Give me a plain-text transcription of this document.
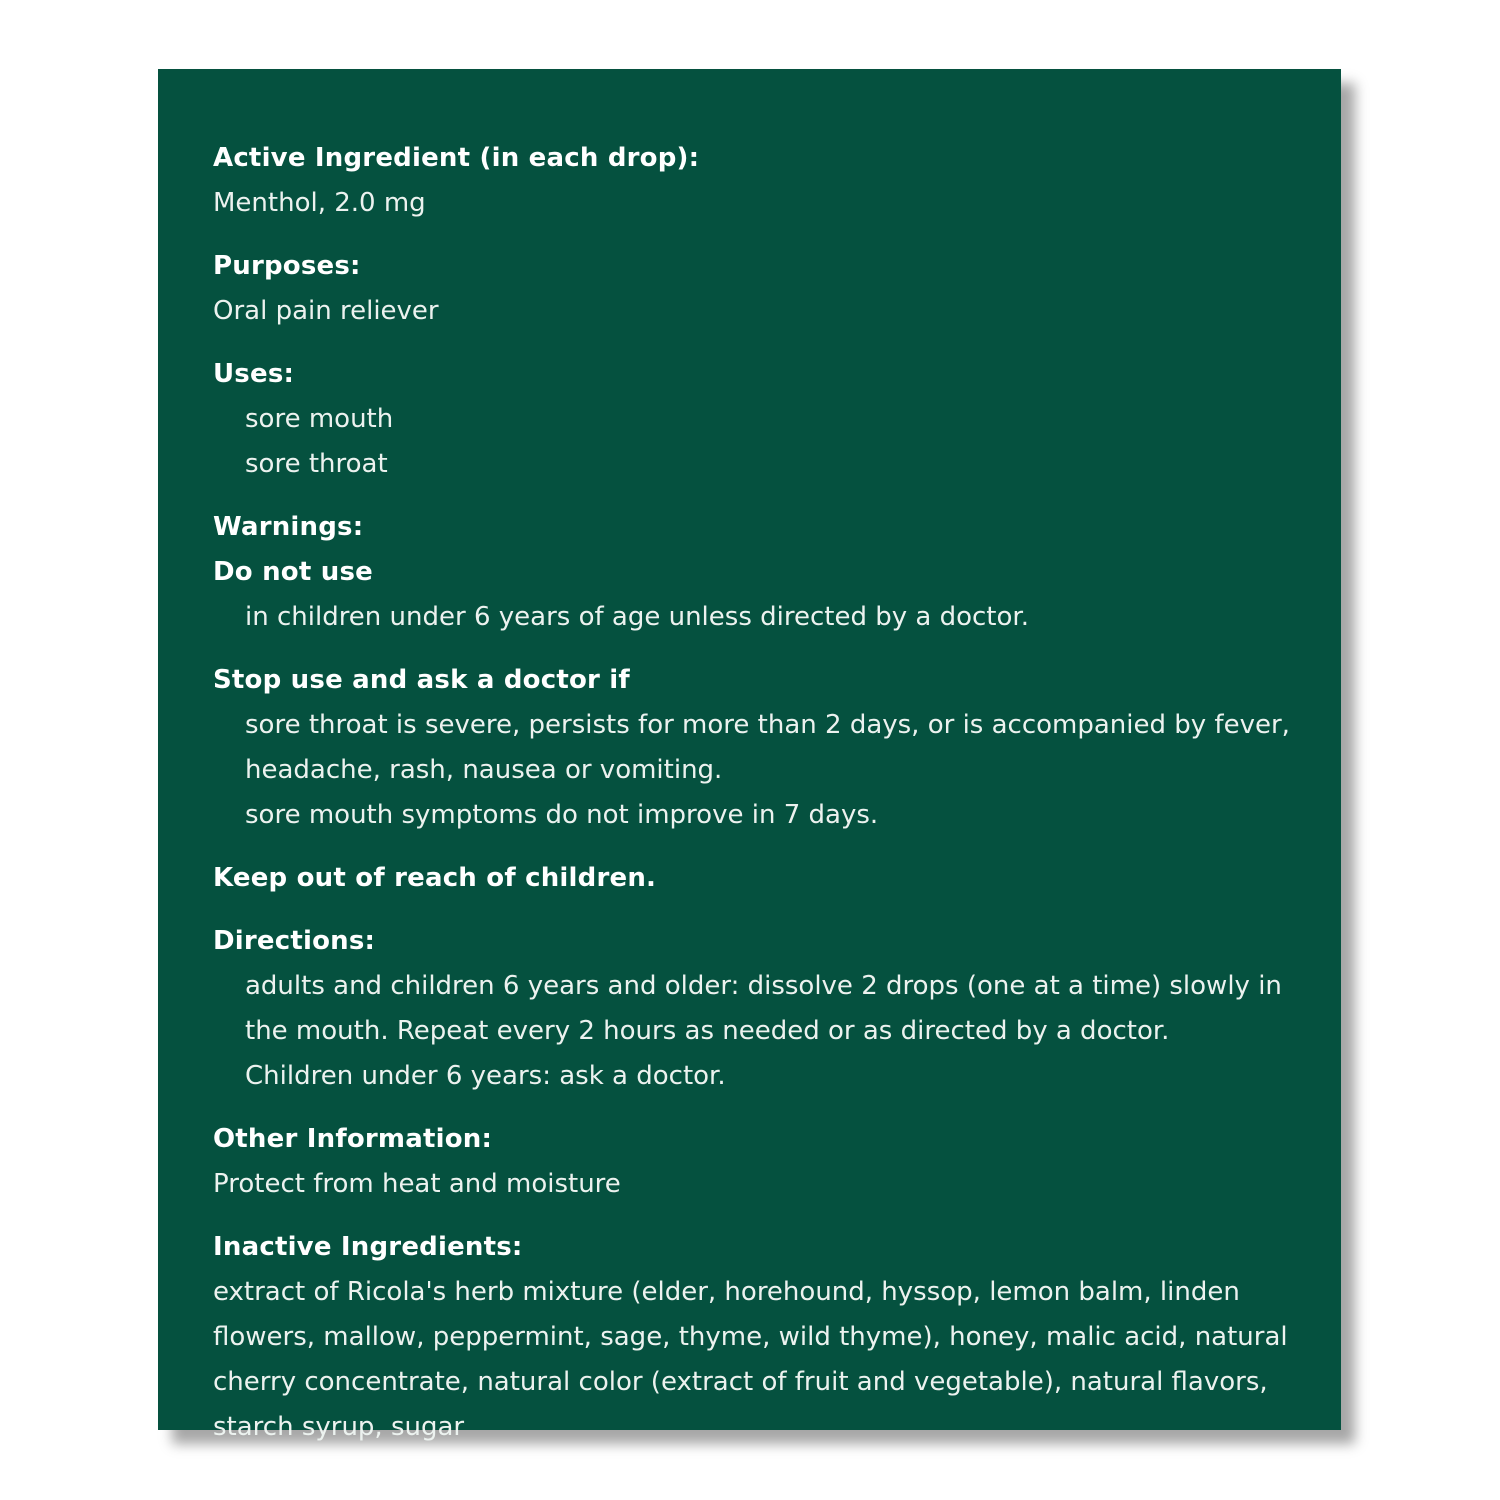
Active Ingredient (in each drop):
Menthol, 2.0 mg
Purposes:
Oral pain reliever
Uses:
sore mouth
sore throat
Warnings:
Do not use
in children under 6 years of age unless directed by a doctor.
Stop use and ask a doctor if
sore throat is severe, persists for more than 2 days, or is accompanied by fever,
headache, rash, nausea or vomiting.
sore mouth symptoms do not improve in 7 days.
Keep out of reach of children.
Directions:
adults and children 6 years and older: dissolve 2 drops (one at a time) slowly in
the mouth. Repeat every 2 hours as needed or as directed by a doctor.
Children under 6 years: ask a doctor.
Other Information:
Protect from heat and moisture
Inactive Ingredients:
extract of Ricola's herb mixture (elder, horehound, hyssop, lemon balm, linden
flowers, mallow, peppermint, sage, thyme, wild thyme), honey, malic acid, natural
cherry concentrate, natural color (extract of fruit and vegetable), natural flavors,
starch syrup, sugar
